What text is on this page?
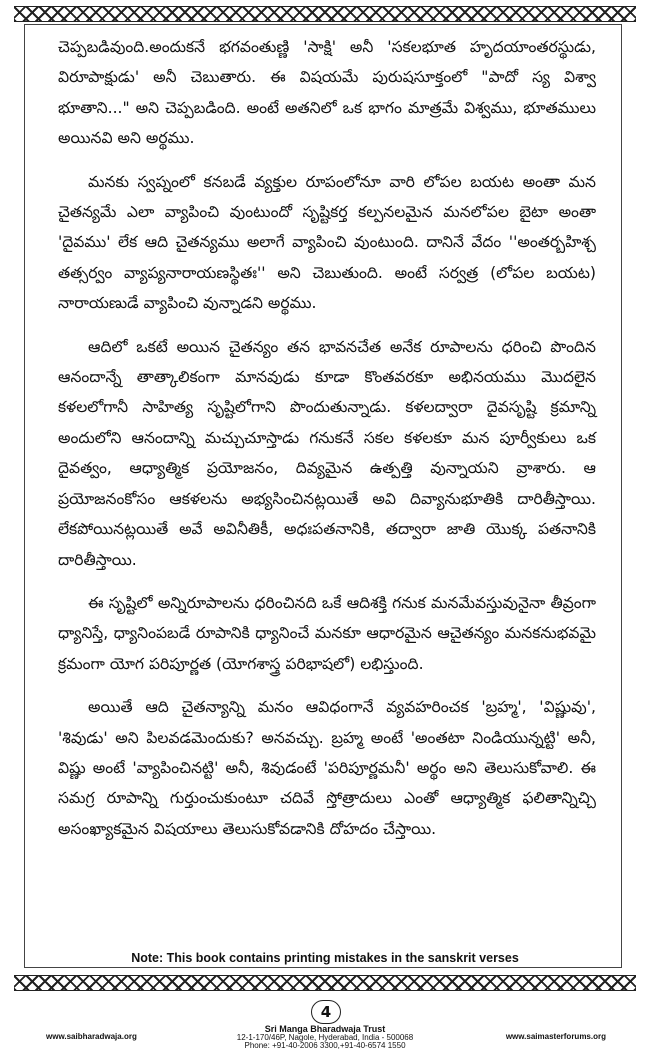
చెప్పబడివుంది.అందుకనే భగవంతుణ్ణి 'సాక్షి' అనీ 'సకలభూత హృదయాంతరస్థుడు, విరూపాక్షుడు' అనీ చెబుతారు. ఈ విషయమే పురుషసూక్తంలో "పాదో స్య విశ్వా భూతాని..." అని చెప్పబడింది. అంటే అతనిలో ఒక భాగం మాత్రమే విశ్వము, భూతములు అయినవి అని అర్థము.

మనకు స్వప్నంలో కనబడే వ్యక్తుల రూపంలోనూ వారి లోపల బయట అంతా మన చైతన్యమే ఎలా వ్యాపించి వుంటుందో సృష్టికర్త కల్పనలమైన మనలోపల బైటా అంతా 'దైవము' లేక ఆది చైతన్యము అలాగే వ్యాపించి వుంటుంది. దానినే వేదం ''అంతర్బహిశ్చ తత్సర్వం వ్యాప్యనారాయణస్థితః'' అని చెబుతుంది. అంటే సర్వత్ర (లోపల బయట) నారాయణుడే వ్యాపించి వున్నాడని అర్థము.

ఆదిలో ఒకటే అయిన చైతన్యం తన భావనచేత అనేక రూపాలను ధరించి పొందిన ఆనందాన్నే తాత్కాలికంగా మానవుడు కూడా కొంతవరకూ అభినయము మొదలైన కళలలోగానీ సాహిత్య సృష్టిలోగాని పొందుతున్నాడు. కళలద్వారా దైవసృష్టి క్రమాన్ని అందులోని ఆనందాన్ని మచ్చుచూస్తాడు గనుకనే సకల కళలకూ మన పూర్వీకులు ఒక దైవత్వం, ఆధ్యాత్మిక ప్రయోజనం, దివ్యమైన ఉత్పత్తి వున్నాయని వ్రాశారు. ఆ ప్రయోజనంకోసం ఆకళలను అభ్యసించినట్లయితే అవి దివ్యానుభూతికి దారితీస్తాయి. లేకపోయినట్లయితే అవే అవినీతికీ, అధఃపతనానికి, తద్వారా జాతి యొక్క పతనానికి దారితీస్తాయి.

ఈ సృష్టిలో అన్నిరూపాలను ధరించినది ఒకే ఆదిశక్తి గనుక మనమేవస్తువునైనా తీవ్రంగా ధ్యానిస్తే, ధ్యానింపబడే రూపానికి ధ్యానించే మనకూ ఆధారమైన ఆచైతన్యం మనకనుభవమై క్రమంగా యోగ పరిపూర్ణత (యోగశాస్త్ర పరిభాషలో) లభిస్తుంది.

అయితే ఆది చైతన్యాన్ని మనం ఆవిధంగానే వ్యవహరించక 'బ్రహ్మ', 'విష్ణువు', 'శివుడు' అని పిలవడమెందుకు? అనవచ్చు. బ్రహ్మ అంటే 'అంతటా నిండియున్నట్టి' అనీ, విష్ణు అంటే 'వ్యాపించినట్టి' అనీ, శివుడంటే 'పరిపూర్ణమనీ' అర్థం అని తెలుసుకోవాలి. ఈ సమగ్ర రూపాన్ని గుర్తుంచుకుంటూ చదివే స్తోత్రాదులు ఎంతో ఆధ్యాత్మిక ఫలితాన్నిచ్చి అసంఖ్యాకమైన విషయాలు తెలుసుకోవడానికి దోహదం చేస్తాయి.

Note: This book contains printing mistakes in the sanskrit verses
4
www.saibharadwaja.org
Sri Manga Bharadwaja Trust
12-1-170/46P, Nagole, Hyderabad, India - 500068
Phone: +91-40-2006 3300,+91-40-6574 1550
www.saimasterforums.org
